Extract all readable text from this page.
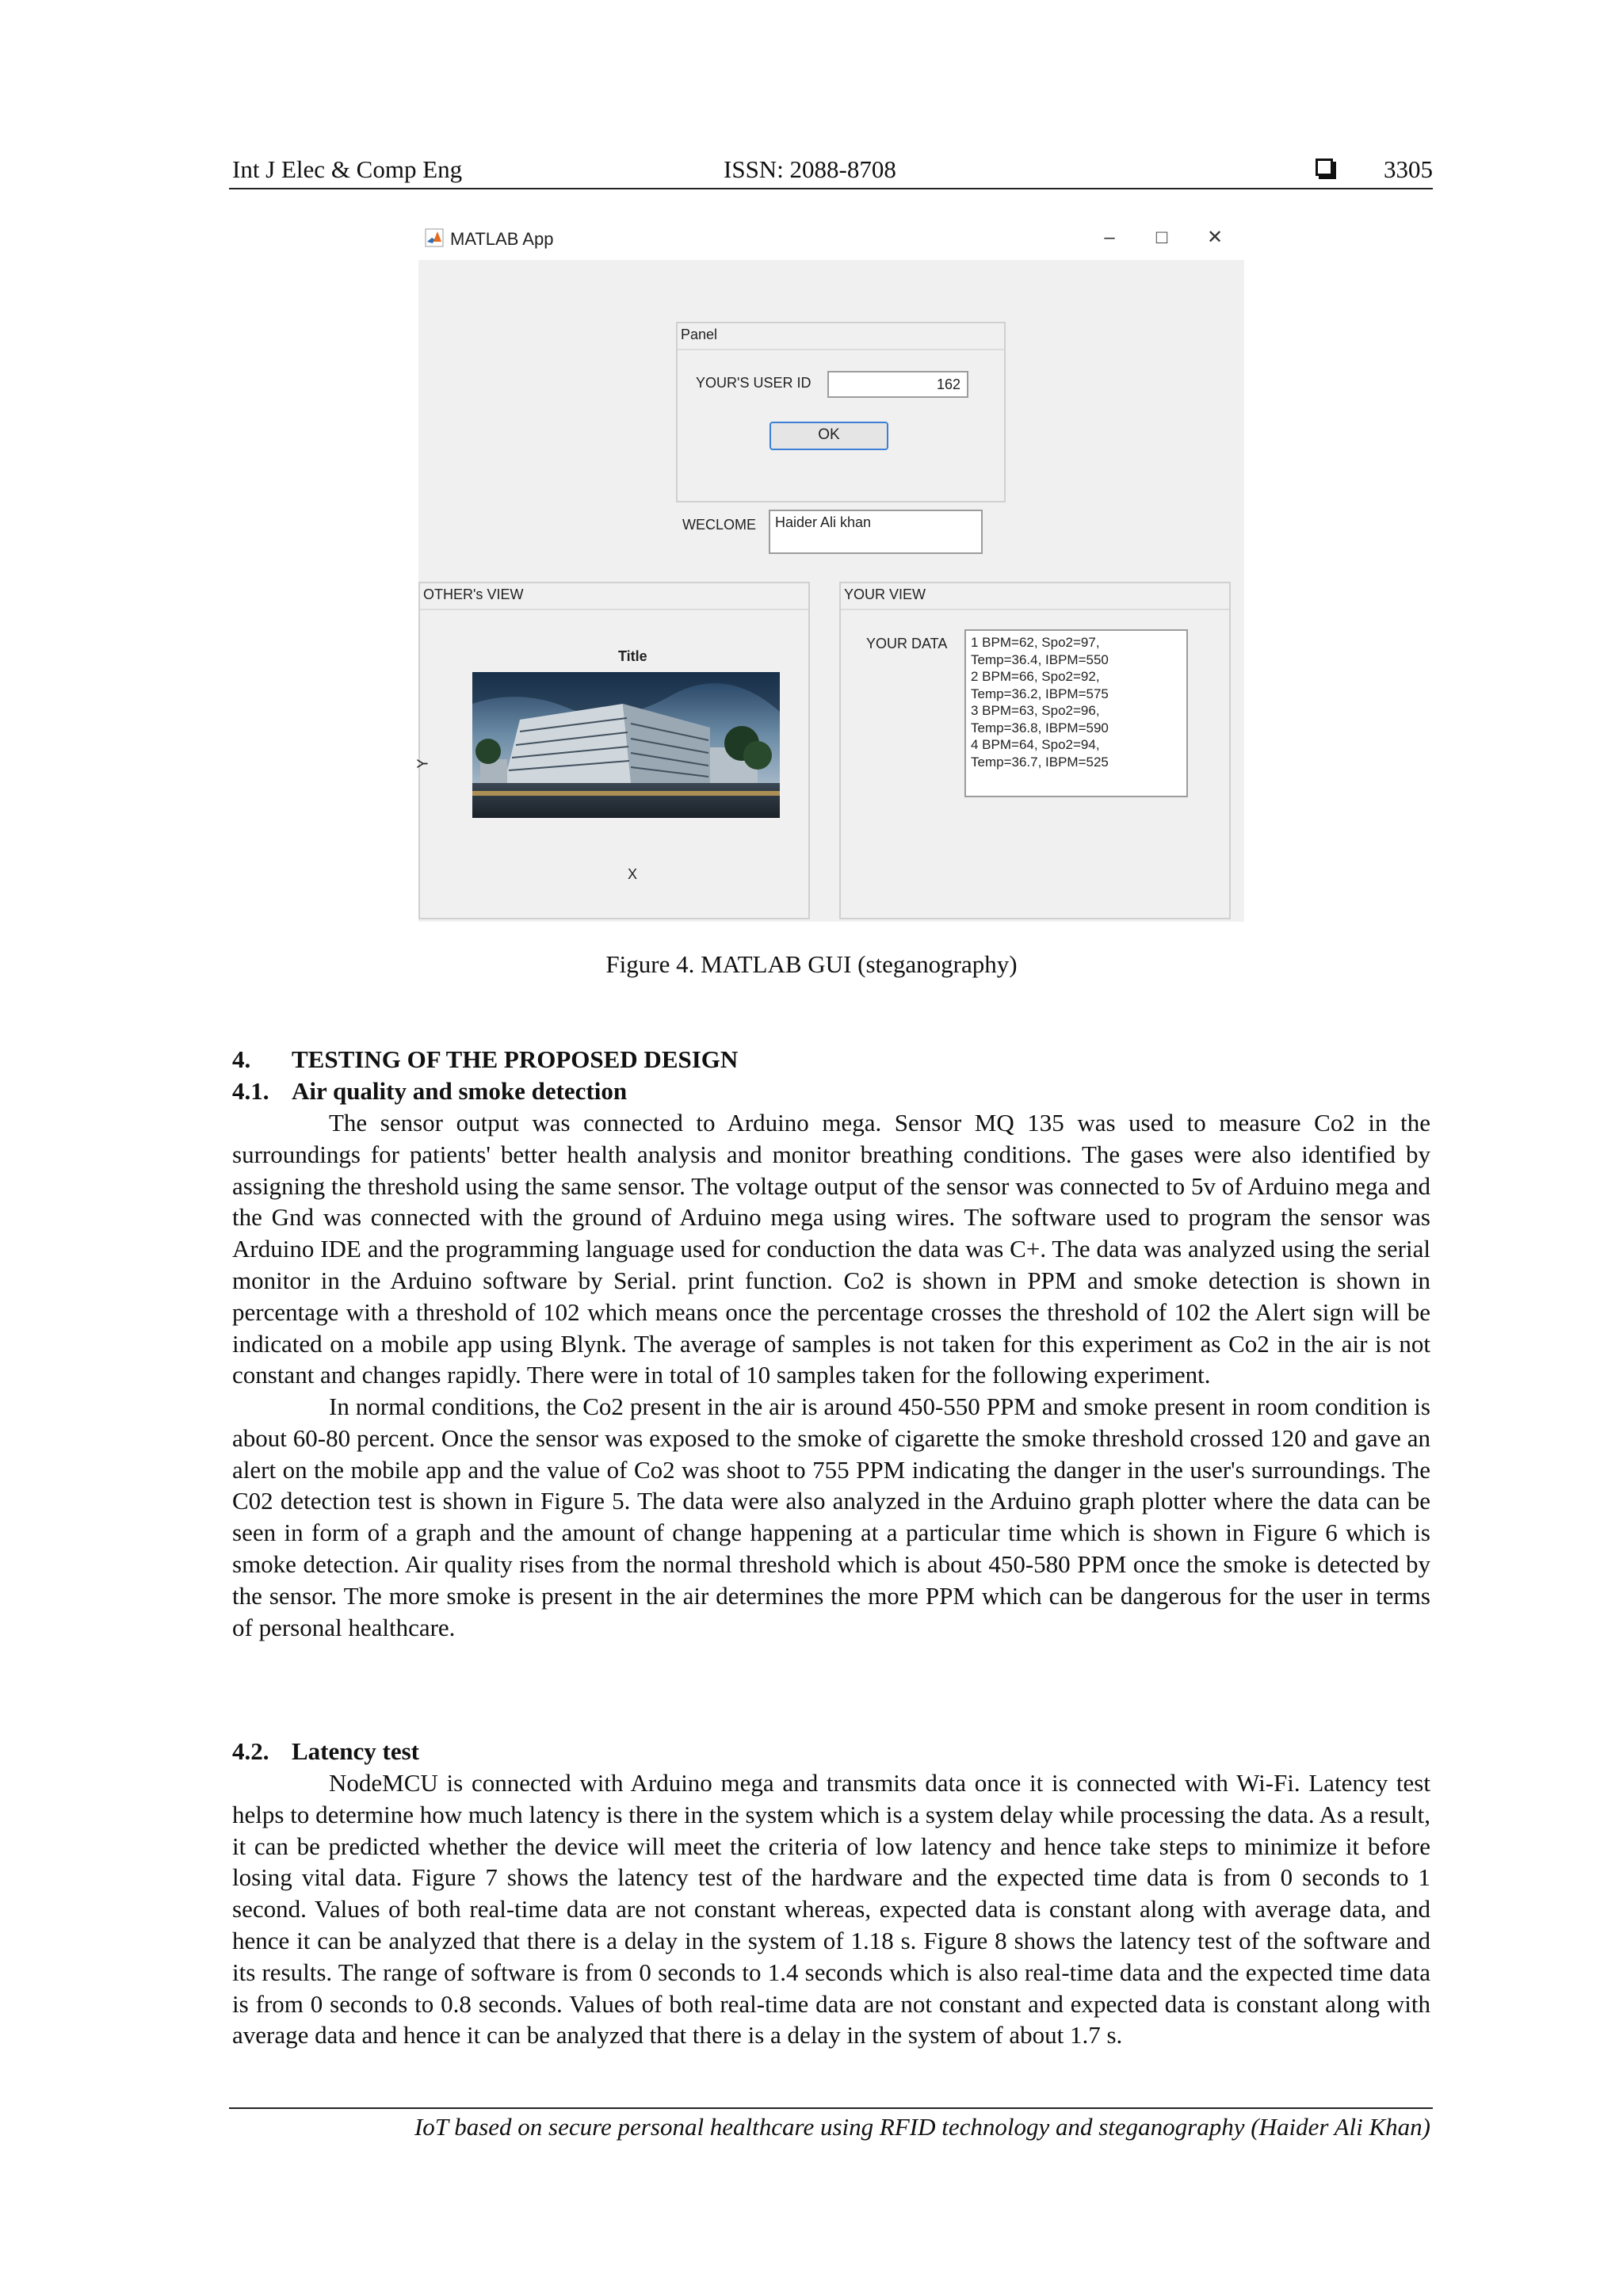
Int J Elec & Comp Eng	ISSN: 2088-8708	3305
MATLAB App	–	□	✕
Panel
YOUR'S USER ID	162
OK
WECLOME	Haider Ali khan
OTHER's VIEW
Title
Y
X
YOUR VIEW
YOUR DATA 1 BPM=62, Spo2=97,
Temp=36.4, IBPM=550
2 BPM=66, Spo2=92,
Temp=36.2, IBPM=575
3 BPM=63, Spo2=96,
Temp=36.8, IBPM=590
4 BPM=64, Spo2=94,
Temp=36.7, IBPM=525
Figure 4. MATLAB GUI (steganography)
4. TESTING OF THE PROPOSED DESIGN
4.1. Air quality and smoke detection

The sensor output was connected to Arduino mega. Sensor MQ 135 was used to measure Co2 in the surroundings for patients' better health analysis and monitor breathing conditions. The gases were also identified by assigning the threshold using the same sensor. The voltage output of the sensor was connected to 5v of Arduino mega and the Gnd was connected with the ground of Arduino mega using wires. The software used to program the sensor was Arduino IDE and the programming language used for conduction the data was C+. The data was analyzed using the serial monitor in the Arduino software by Serial. print function. Co2 is shown in PPM and smoke detection is shown in percentage with a threshold of 102 which means once the percentage crosses the threshold of 102 the Alert sign will be indicated on a mobile app using Blynk. The average of samples is not taken for this experiment as Co2 in the air is not constant and changes rapidly. There were in total of 10 samples taken for the following experiment.

In normal conditions, the Co2 present in the air is around 450-550 PPM and smoke present in room condition is about 60-80 percent. Once the sensor was exposed to the smoke of cigarette the smoke threshold crossed 120 and gave an alert on the mobile app and the value of Co2 was shoot to 755 PPM indicating the danger in the user's surroundings. The C02 detection test is shown in Figure 5. The data were also analyzed in the Arduino graph plotter where the data can be seen in form of a graph and the amount of change happening at a particular time which is shown in Figure 6 which is smoke detection. Air quality rises from the normal threshold which is about 450-580 PPM once the smoke is detected by the sensor. The more smoke is present in the air determines the more PPM which can be dangerous for the user in terms of personal healthcare.

4.2. Latency test

NodeMCU is connected with Arduino mega and transmits data once it is connected with Wi-Fi. Latency test helps to determine how much latency is there in the system which is a system delay while processing the data. As a result, it can be predicted whether the device will meet the criteria of low latency and hence take steps to minimize it before losing vital data. Figure 7 shows the latency test of the hardware and the expected time data is from 0 seconds to 1 second. Values of both real-time data are not constant whereas, expected data is constant along with average data, and hence it can be analyzed that there is a delay in the system of 1.18 s. Figure 8 shows the latency test of the software and its results. The range of software is from 0 seconds to 1.4 seconds which is also real-time data and the expected time data is from 0 seconds to 0.8 seconds. Values of both real-time data are not constant and expected data is constant along with average data and hence it can be analyzed that there is a delay in the system of about 1.7 s.

IoT based on secure personal healthcare using RFID technology and steganography (Haider Ali Khan)
